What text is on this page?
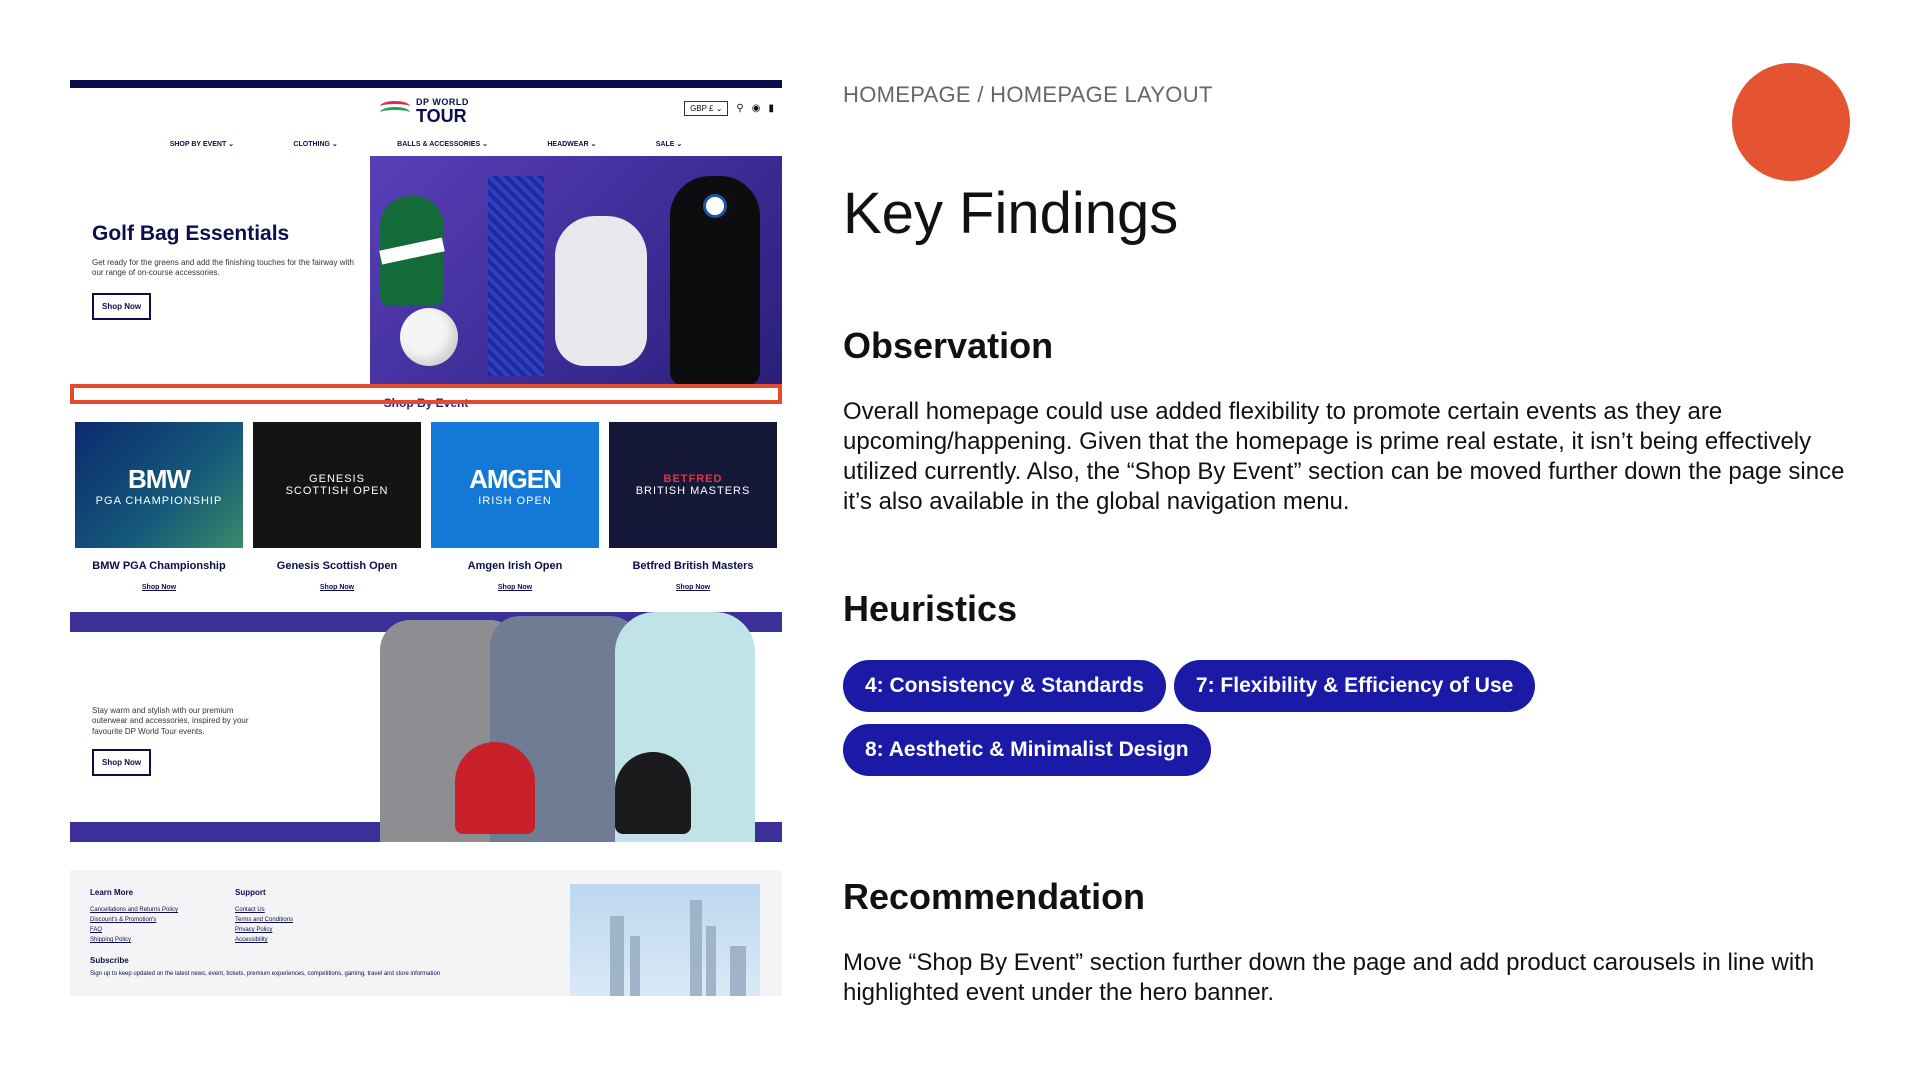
DP WORLD
TOUR	GBP £ ⌄	⚲ ◉ ▮
SHOP BY EVENT ⌄	CLOTHING ⌄	BALLS & ACCESSORIES ⌄	HEADWEAR ⌄	SALE ⌄
Golf Bag Essentials

Get ready for the greens and add the finishing touches for the fairway with our range of on-course accessories.

Shop Now
Shop By Event
BMW
PGA CHAMPIONSHIP
BMW PGA Championship
Shop Now
GENESIS
SCOTTISH OPEN
Genesis Scottish Open
Shop Now
AMGEN
IRISH OPEN
Amgen Irish Open
Shop Now
BETFRED
BRITISH MASTERS
Betfred British Masters
Shop Now

Stay warm and stylish with our premium outerwear and accessories, inspired by your favourite DP World Tour events.

Shop Now
Learn More
Cancellations and Returns Policy
Discount's & Promotion's
FAQ
Shipping Policy
Support
Contact Us
Terms and Conditions
Privacy Policy
Accessibility
Subscribe
Sign up to keep updated on the latest news, event, tickets, premium experiences, competitions, gaming, travel and store information
HOMEPAGE / HOMEPAGE LAYOUT
Key Findings
Observation
Overall homepage could use added flexibility to promote certain events as they are upcoming/happening. Given that the homepage is prime real estate, it isn’t being effectively utilized currently. Also, the “Shop By Event” section can be moved further down the page since it’s also available in the global navigation menu.
Heuristics
4: Consistency & Standards 7: Flexibility & Efficiency of Use
8: Aesthetic & Minimalist Design
Recommendation
Move “Shop By Event” section further down the page and add product carousels in line with highlighted event under the hero banner.
